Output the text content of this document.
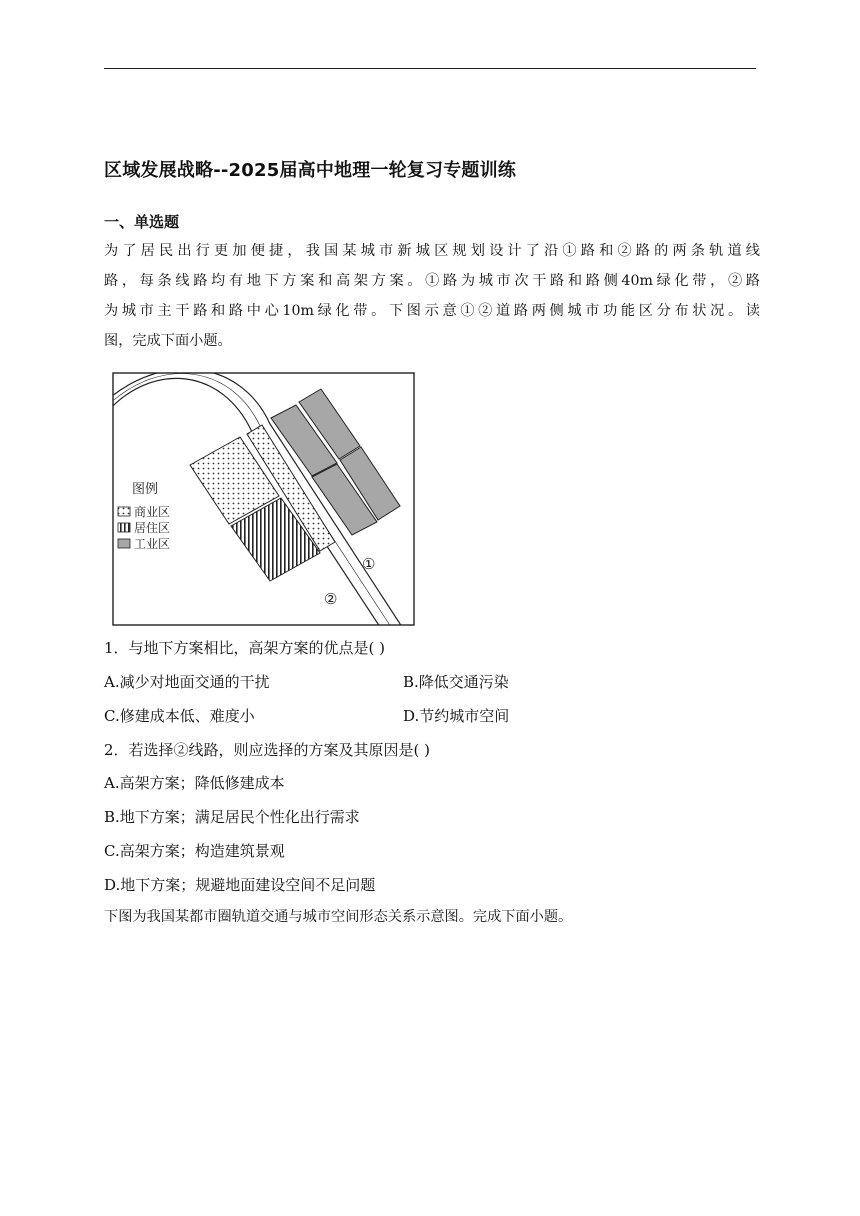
区域发展战略--2025届高中地理一轮复习专题训练
一、单选题
为了居民出行更加便捷，我国某城市新城区规划设计了沿①路和②路的两条轨道线
路，每条线路均有地下方案和高架方案。①路为城市次干路和路侧40m绿化带，②路
为城市主干路和路中心10m绿化带。下图示意①②道路两侧城市功能区分布状况。读
图，完成下面小题。
图例
商业区
居住区
工业区
①
②
1．与地下方案相比，高架方案的优点是( )
A.减少对地面交通的干扰	B.降低交通污染
C.修建成本低、难度小	D.节约城市空间
2．若选择②线路，则应选择的方案及其原因是( )
A.高架方案；降低修建成本
B.地下方案；满足居民个性化出行需求
C.高架方案；构造建筑景观
D.地下方案；规避地面建设空间不足问题
下图为我国某都市圈轨道交通与城市空间形态关系示意图。完成下面小题。
